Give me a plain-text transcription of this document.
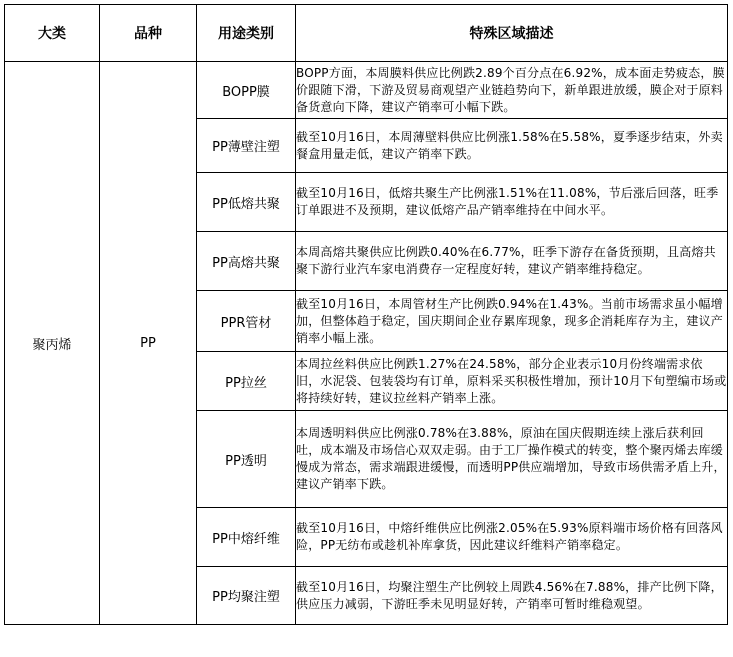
大类	品种	用途类别	特殊区域描述
聚丙烯	PP	BOPP膜	BOPP方面，本周膜料供应比例跌2.89个百分点在6.92%，成本面走势疲态，膜价跟随下滑，下游及贸易商观望产业链趋势向下，新单跟进放缓，膜企对于原料备货意向下降，建议产销率可小幅下跌。
		PP薄壁注塑	截至10月16日，本周薄壁料供应比例涨1.58%在5.58%，夏季逐步结束，外卖餐盒用量走低，建议产销率下跌。
		PP低熔共聚	截至10月16日，低熔共聚生产比例涨1.51%在11.08%，节后涨后回落，旺季订单跟进不及预期，建议低熔产品产销率维持在中间水平。
		PP高熔共聚	本周高熔共聚供应比例跌0.40%在6.77%，旺季下游存在备货预期，且高熔共聚下游行业汽车家电消费存一定程度好转，建议产销率维持稳定。
		PPR管材	截至10月16日，本周管材生产比例跌0.94%在1.43%。当前市场需求虽小幅增加，但整体趋于稳定，国庆期间企业存累库现象，现多企消耗库存为主，建议产销率小幅上涨。
		PP拉丝	本周拉丝料供应比例跌1.27%在24.58%，部分企业表示10月份终端需求依旧，水泥袋、包装袋均有订单，原料采买积极性增加，预计10月下旬塑编市场或将持续好转，建议拉丝料产销率上涨。
		PP透明	本周透明料供应比例涨0.78%在3.88%，原油在国庆假期连续上涨后获利回吐，成本端及市场信心双双走弱。由于工厂操作模式的转变，整个聚丙烯去库缓慢成为常态，需求端跟进缓慢，而透明PP供应端增加，导致市场供需矛盾上升，建议产销率下跌。
		PP中熔纤维	截至10月16日，中熔纤维供应比例涨2.05%在5.93%原料端市场价格有回落风险，PP无纺布或趁机补库拿货，因此建议纤维料产销率稳定。
		PP均聚注塑	截至10月16日，均聚注塑生产比例较上周跌4.56%在7.88%，排产比例下降，供应压力减弱，下游旺季未见明显好转，产销率可暂时维稳观望。
